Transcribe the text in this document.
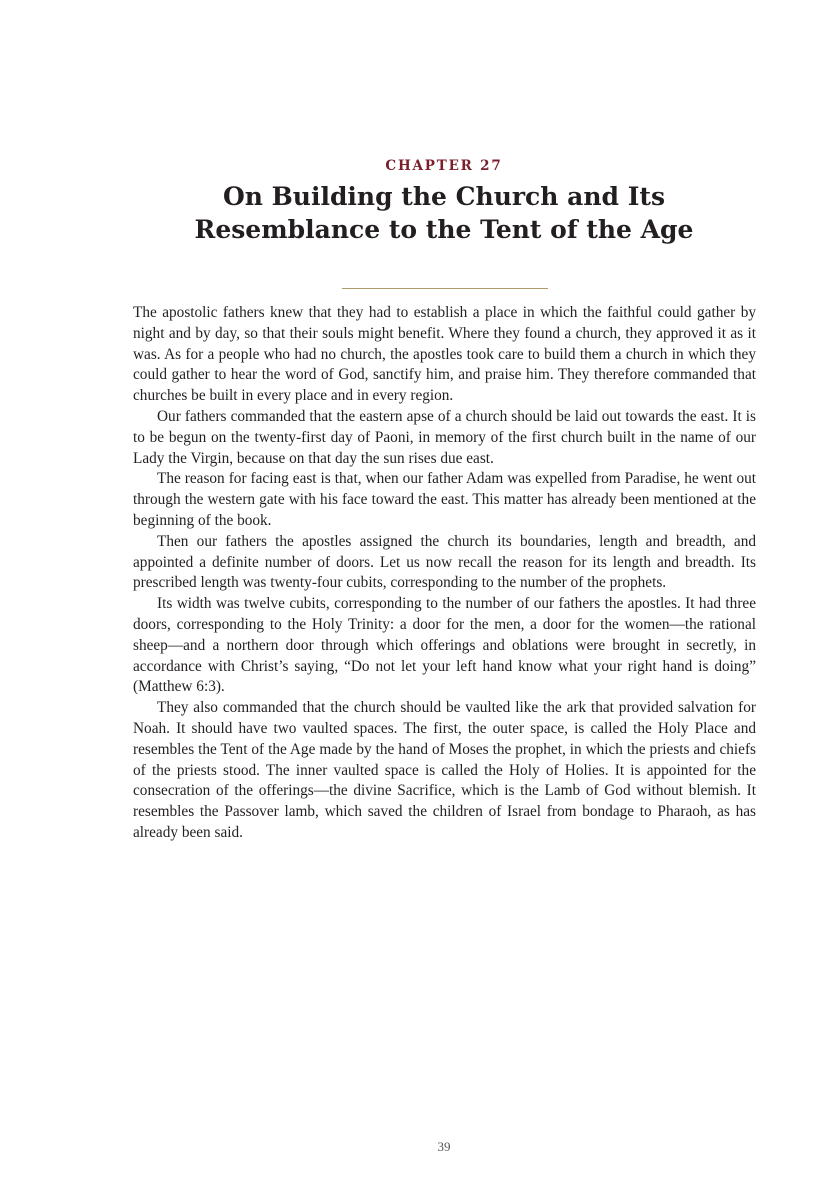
CHAPTER 27
On Building the Church and Its
Resemblance to the Tent of the Age

The apostolic fathers knew that they had to establish a place in which the faithful could gather by night and by day, so that their souls might benefit. Where they found a church, they approved it as it was. As for a people who had no church, the apostles took care to build them a church in which they could gather to hear the word of God, sanctify him, and praise him. They therefore commanded that churches be built in every place and in every region.

Our fathers commanded that the eastern apse of a church should be laid out towards the east. It is to be begun on the twenty-first day of Paoni, in memory of the first church built in the name of our Lady the Virgin, because on that day the sun rises due east.

The reason for facing east is that, when our father Adam was expelled from Paradise, he went out through the western gate with his face toward the east. This matter has already been mentioned at the beginning of the book.

Then our fathers the apostles assigned the church its boundaries, length and breadth, and appointed a definite number of doors. Let us now recall the reason for its length and breadth. Its prescribed length was twenty-four cubits, corresponding to the number of the prophets.

Its width was twelve cubits, corresponding to the number of our fathers the apostles. It had three doors, corresponding to the Holy Trinity: a door for the men, a door for the women—the rational sheep—and a northern door through which offerings and oblations were brought in secretly, in accordance with Christ’s saying, “Do not let your left hand know what your right hand is doing” (Matthew 6:3).

They also commanded that the church should be vaulted like the ark that provided salvation for Noah. It should have two vaulted spaces. The first, the outer space, is called the Holy Place and resembles the Tent of the Age made by the hand of Moses the prophet, in which the priests and chiefs of the priests stood. The inner vaulted space is called the Holy of Holies. It is appointed for the consecration of the offerings—the divine Sacrifice, which is the Lamb of God without blemish. It resembles the Passover lamb, which saved the children of Israel from bondage to Pharaoh, as has already been said.

39
